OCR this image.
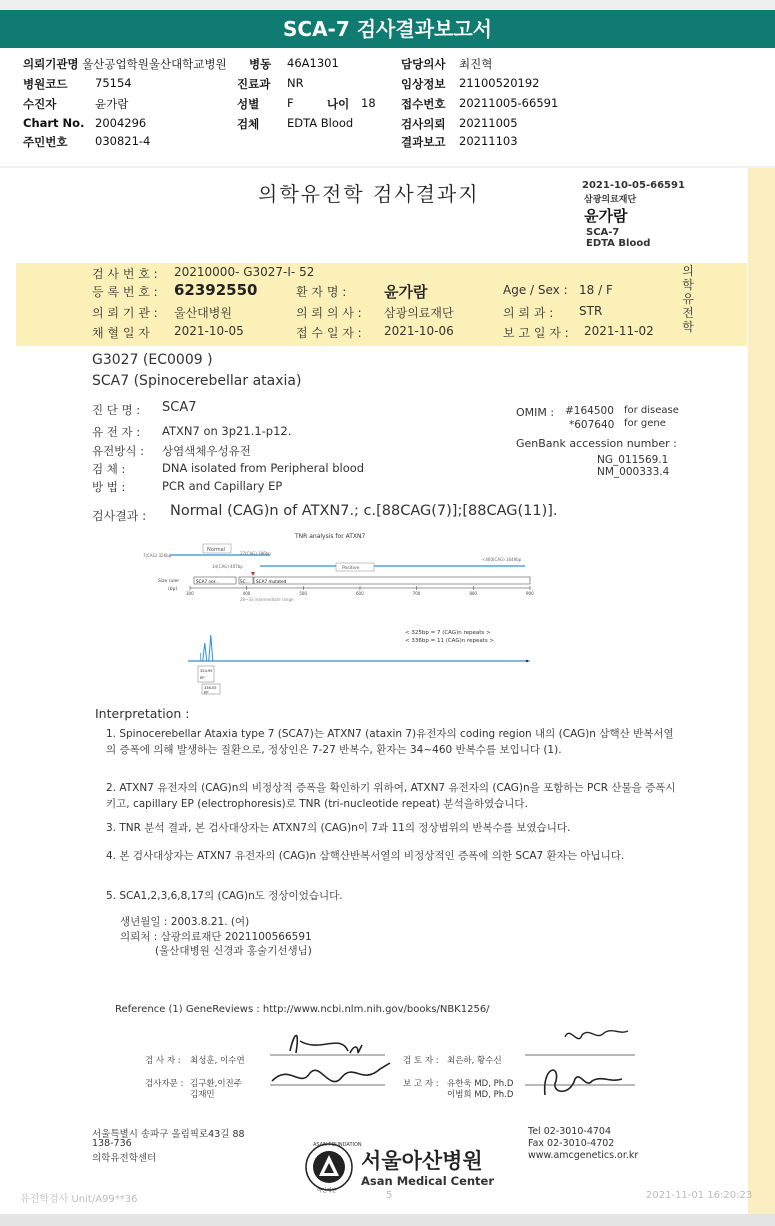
SCA-7 검사결과보고서
의뢰기관명 울산공업학원울산대학교병원 병동 46A1301	담당의사 최진혁
병원코드 75154	진료과 NR	임상정보 21100520192
수진자	윤가람	성별 F	나이 18 접수번호 20211005-66591
Chart No. 2004296	검체 EDTA Blood	검사의뢰 20211005
주민번호 030821-4	결과보고 20211103
의학유전학 검사결과지	2021-10-05-66591
삼광의료재단
윤가람
SCA-7
EDTA Blood
검 사 번 호 : 20210000- G3027-I- 52
등 록 번 호 : 62392550	환 자 명 :	윤가람	Age / Sex : 18 / F
의 뢰 기 관 : 울산대병원	의 뢰 의 사 : 삼광의료재단	의 뢰 과 : STR
채 혈 일 자 2021-10-05	접 수 일 자 : 2021-10-06	보 고 일 자 : 2021-11-02
의학유전학
G3027 (EC0009 )
SCA7 (Spinocerebellar ataxia)
진 단 명 : SCA7
유 전 자 : ATXN7 on 3p21.1-p12.
유전방식 : 상염색체우성유전
검 체 :	DNA isolated from Peripheral blood
방 법 :	PCR and Capillary EP
OMIM : #164500 for disease
*607640 for gene
GenBank accession number :
NG_011569.1
NM_000333.4
검사결과 : Normal (CAG)n of ATXN7.; c.[88CAG(7)];[88CAG(11)].
TNR analysis for ATXN7
Normal
7(CAG) 326bp	27(CAG) 386bp
34(CAG) 407bp	Positive
<460(CAG) 1649bp
Size ruler
(bp)
SCA7 nor...	SC... SCA7 mutated
300	400	500	600	700	800	900
28~33 intermediate range
< 325bp = 7 (CAG)n repeats >
< 336bp = 11 (CAG)n repeats >
324.95
EP
336.05
EP
Interpretation :
1. Spinocerebellar Ataxia type 7 (SCA7)는 ATXN7 (ataxin 7)유전자의 coding region 내의 (CAG)n 삼핵산 반복서열의 증폭에 의해 발생하는 질환으로, 정상인은 7-27 반복수, 환자는 34~460 반복수를 보입니다 (1).
2. ATXN7 유전자의 (CAG)n의 비정상적 증폭을 확인하기 위하여, ATXN7 유전자의 (CAG)n을 포함하는 PCR 산물을 증폭시키고, capillary EP (electrophoresis)로 TNR (tri-nucleotide repeat) 분석을하였습니다.
3. TNR 분석 결과, 본 검사대상자는 ATXN7의 (CAG)n이 7과 11의 정상범위의 반복수를 보였습니다.
4. 본 검사대상자는 ATXN7 유전자의 (CAG)n 삼핵산반복서열의 비정상적인 증폭에 의한 SCA7 환자는 아닙니다.
5. SCA1,2,3,6,8,17의 (CAG)n도 정상이었습니다.
생년월일 : 2003.8.21. (여)
의뢰처 : 삼광의료재단 2021100566591
(울산대병원 신경과 홍술기선생님)
Reference (1) GeneReviews : http://www.ncbi.nlm.nih.gov/books/NBK1256/
검 사 자 : 최성훈, 이수연
검사자문 : 김구환,이진주
김재민
검 토 자 : 최은하, 황수신
보 고 자 : 유한욱 MD, Ph.D
이범희 MD, Ph.D
서울특별시 송파구 올림픽로43길 88
138-736
의학유전학센터
ASAN FOUNDATION
아산재단
서울아산병원
Asan Medical Center
Tel 02-3010-4704
Fax 02-3010-4702
www.amcgenetics.or.kr
유전학검사 Unit/A99**36	5	2021-11-01 16:20:23
